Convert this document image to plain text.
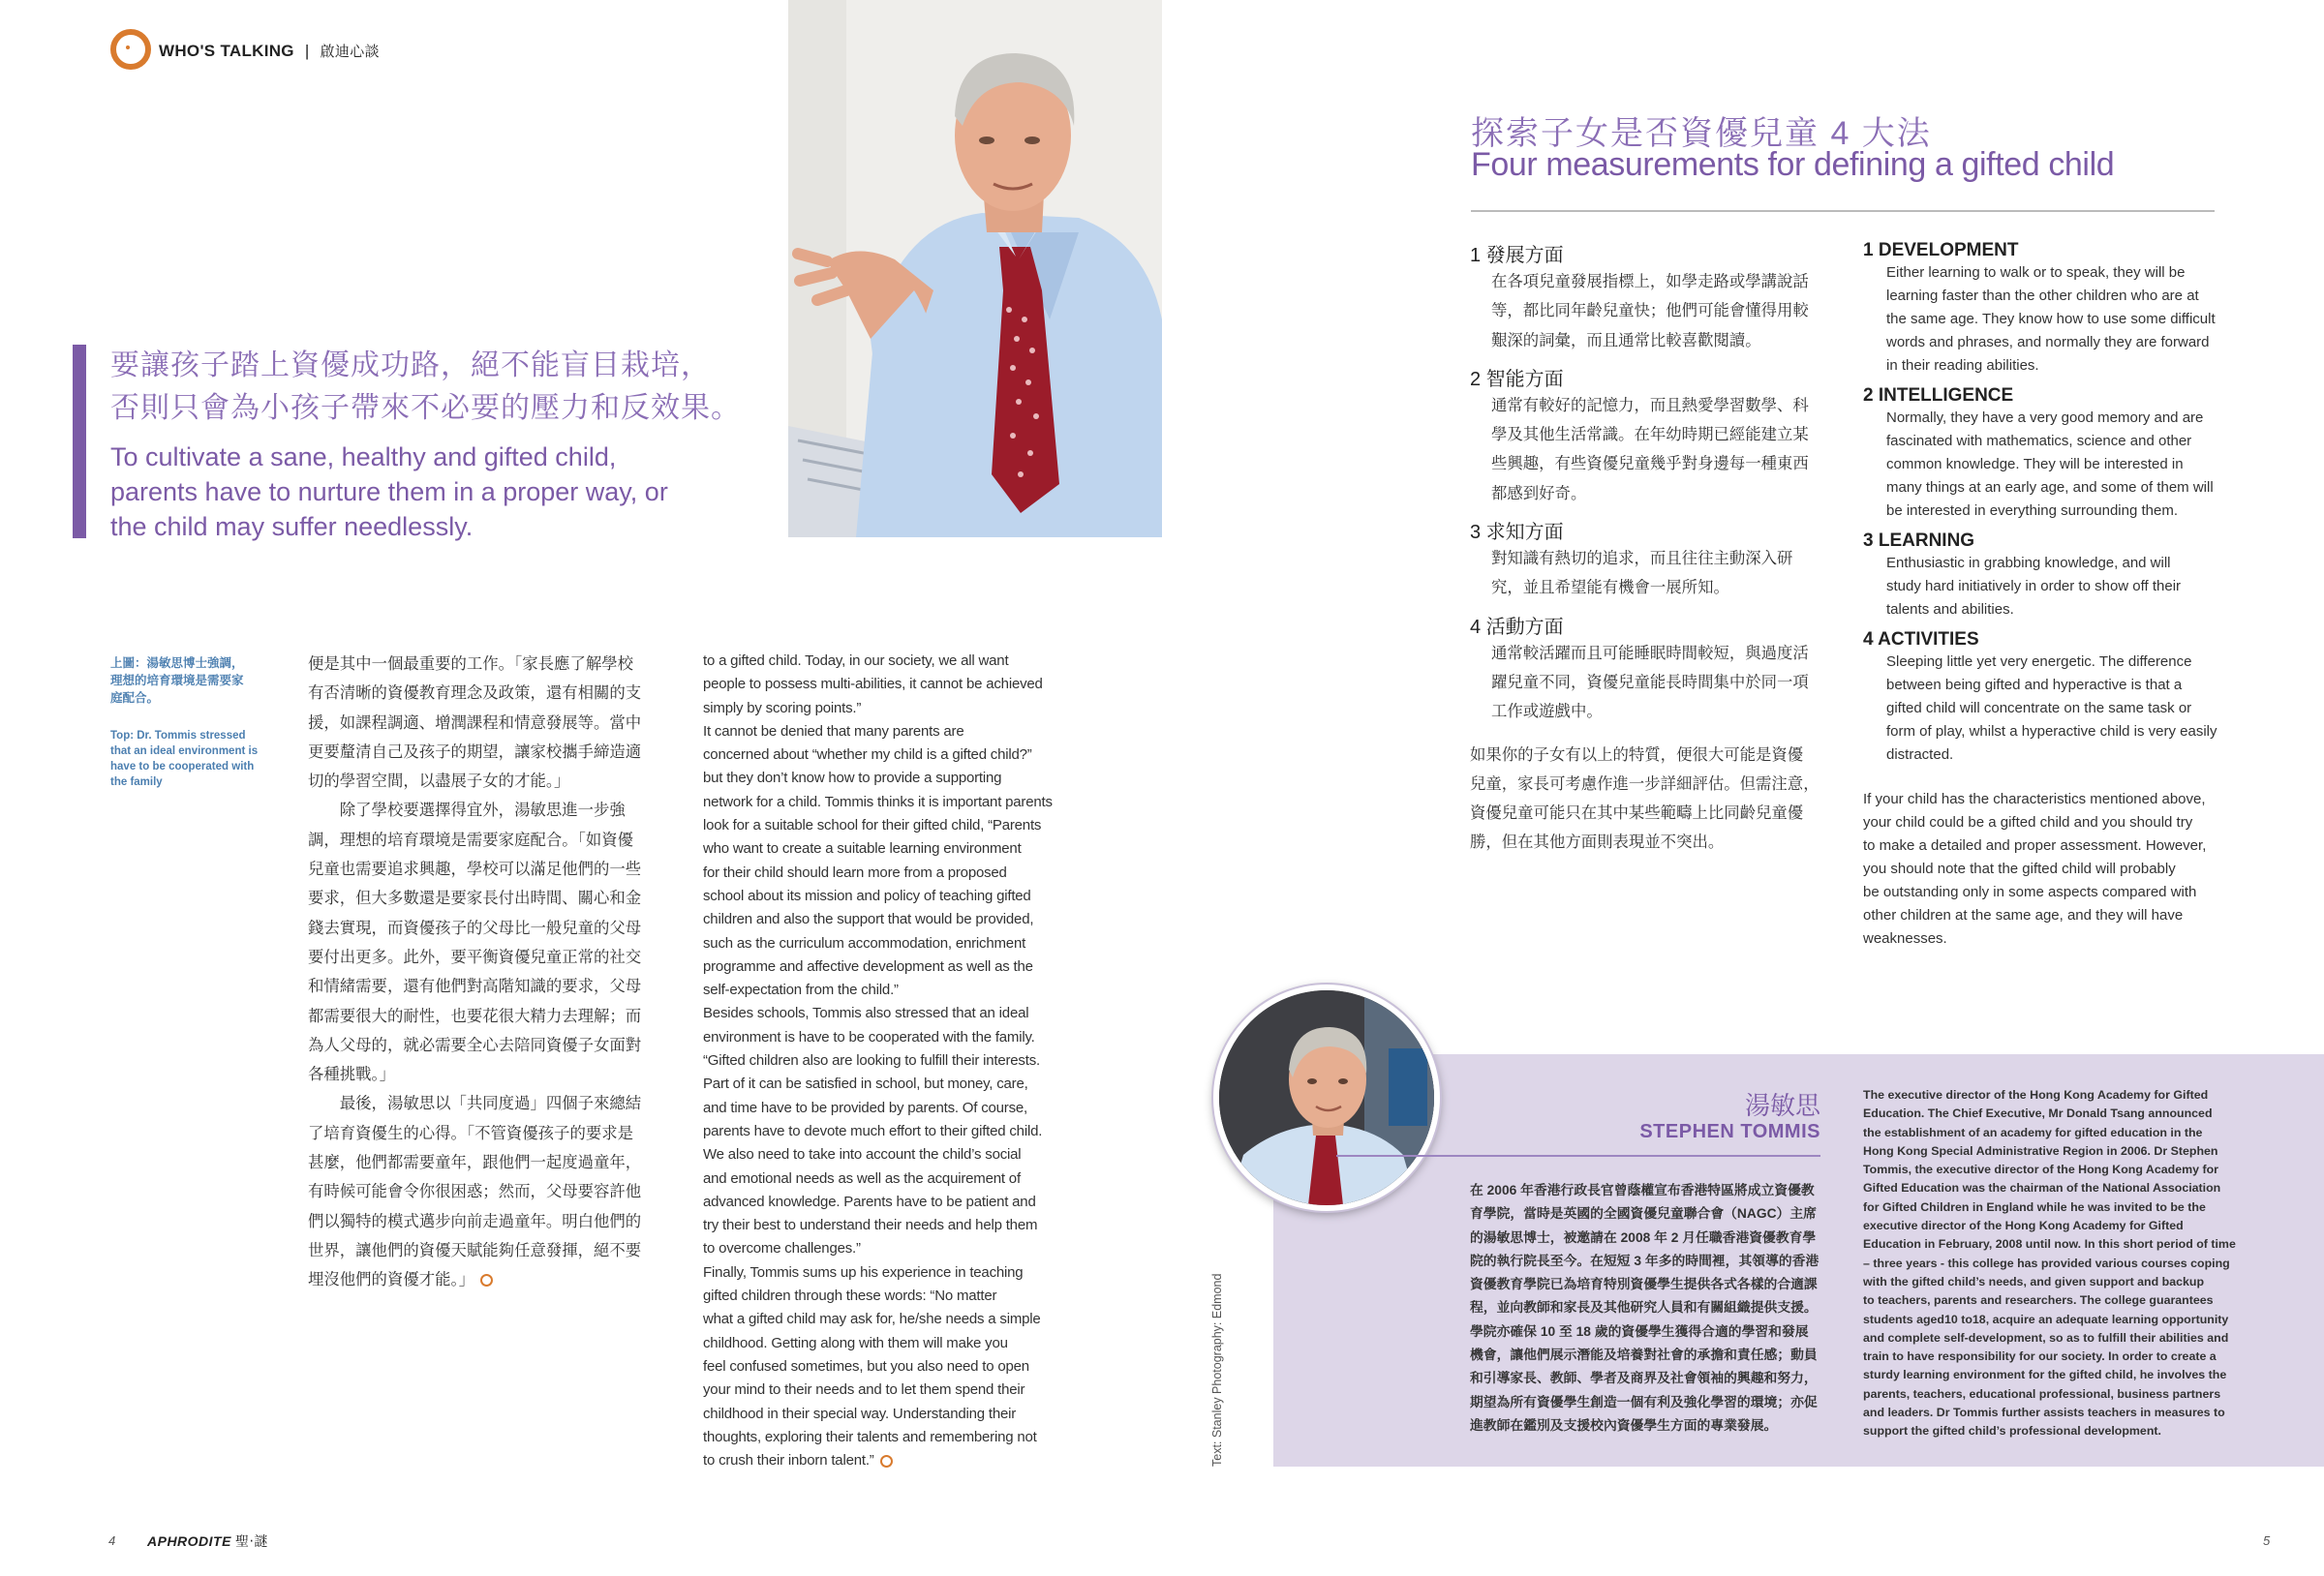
WHO'S TALKING | 啟迪心談
要讓孩子踏上資優成功路，絕不能盲目栽培，
否則只會為小孩子帶來不必要的壓力和反效果。
To cultivate a sane, healthy and gifted child,
parents have to nurture them in a proper way, or
the child may suffer needlessly.
上圖：湯敏思博士強調，
理想的培育環境是需要家
庭配合。
Top: Dr. Tommis stressed
that an ideal environment is
have to be cooperated with
the family
便是其中一個最重要的工作。「家長應了解學校
有否清晰的資優教育理念及政策，還有相關的支
援，如課程調適、增潤課程和情意發展等。當中
更要釐清自己及孩子的期望，讓家校攜手締造適
切的學習空間，以盡展子女的才能。」
　　除了學校要選擇得宜外，湯敏思進一步強
調，理想的培育環境是需要家庭配合。「如資優
兒童也需要追求興趣，學校可以滿足他們的一些
要求，但大多數還是要家長付出時間、關心和金
錢去實現，而資優孩子的父母比一般兒童的父母
要付出更多。此外，要平衡資優兒童正常的社交
和情緒需要，還有他們對高階知識的要求，父母
都需要很大的耐性，也要花很大精力去理解；而
為人父母的，就必需要全心去陪同資優子女面對
各種挑戰。」
　　最後，湯敏思以「共同度過」四個子來總結
了培育資優生的心得。「不管資優孩子的要求是
甚麼，他們都需要童年，跟他們一起度過童年，
有時候可能會令你很困惑；然而，父母要容許他
們以獨特的模式邁步向前走過童年。明白他們的
世界，讓他們的資優天賦能夠任意發揮，絕不要
埋沒他們的資優才能。」
to a gifted child. Today, in our society, we all want
people to possess multi-abilities, it cannot be achieved
simply by scoring points.”
It cannot be denied that many parents are
concerned about “whether my child is a gifted child?”
but they don’t know how to provide a supporting
network for a child. Tommis thinks it is important parents
look for a suitable school for their gifted child, “Parents
who want to create a suitable learning environment
for their child should learn more from a proposed
school about its mission and policy of teaching gifted
children and also the support that would be provided,
such as the curriculum accommodation, enrichment
programme and affective development as well as the
self-expectation from the child.”
Besides schools, Tommis also stressed that an ideal
environment is have to be cooperated with the family.
“Gifted children also are looking to fulfill their interests.
Part of it can be satisfied in school, but money, care,
and time have to be provided by parents. Of course,
parents have to devote much effort to their gifted child.
We also need to take into account the child’s social
and emotional needs as well as the acquirement of
advanced knowledge. Parents have to be patient and
try their best to understand their needs and help them
to overcome challenges.”
Finally, Tommis sums up his experience in teaching
gifted children through these words: “No matter
what a gifted child may ask for, he/she needs a simple
childhood. Getting along with them will make you
feel confused sometimes, but you also need to open
your mind to their needs and to let them spend their
childhood in their special way. Understanding their
thoughts, exploring their talents and remembering not
to crush their inborn talent.”
探索子女是否資優兒童 4 大法
Four measurements for defining a gifted child
1 發展方面
在各項兒童發展指標上，如學走路或學講說話
等，都比同年齡兒童快；他們可能會懂得用較
艱深的詞彙，而且通常比較喜歡閱讀。
2 智能方面
通常有較好的記憶力，而且熱愛學習數學、科
學及其他生活常識。在年幼時期已經能建立某
些興趣，有些資優兒童幾乎對身邊每一種東西
都感到好奇。
3 求知方面
對知識有熱切的追求，而且往往主動深入研
究，並且希望能有機會一展所知。
4 活動方面
通常較活躍而且可能睡眠時間較短，與過度活
躍兒童不同，資優兒童能長時間集中於同一項
工作或遊戲中。
如果你的子女有以上的特質，便很大可能是資優
兒童，家長可考慮作進一步詳細評估。但需注意，
資優兒童可能只在其中某些範疇上比同齡兒童優
勝，但在其他方面則表現並不突出。
1 DEVELOPMENT
Either learning to walk or to speak, they will be
learning faster than the other children who are at
the same age. They know how to use some difficult
words and phrases, and normally they are forward
in their reading abilities.
2 INTELLIGENCE
Normally, they have a very good memory and are
fascinated with mathematics, science and other
common knowledge. They will be interested in
many things at an early age, and some of them will
be interested in everything surrounding them.
3 LEARNING
Enthusiastic in grabbing knowledge, and will
study hard initiatively in order to show off their
talents and abilities.
4 ACTIVITIES
Sleeping little yet very energetic. The difference
between being gifted and hyperactive is that a
gifted child will concentrate on the same task or
form of play, whilst a hyperactive child is very easily
distracted.
If your child has the characteristics mentioned above,
your child could be a gifted child and you should try
to make a detailed and proper assessment. However,
you should note that the gifted child will probably
be outstanding only in some aspects compared with
other children at the same age, and they will have
weaknesses.
湯敏思
STEPHEN TOMMIS
在 2006 年香港行政長官曾蔭權宣布香港特區將成立資優教
育學院，當時是英國的全國資優兒童聯合會（NAGC）主席
的湯敏思博士，被邀請在 2008 年 2 月任職香港資優教育學
院的執行院長至今。在短短 3 年多的時間裡，其領導的香港
資優教育學院已為培育特別資優學生提供各式各樣的合適課
程，並向教師和家長及其他研究人員和有關組織提供支援。
學院亦確保 10 至 18 歲的資優學生獲得合適的學習和發展
機會，讓他們展示潛能及培養對社會的承擔和責任感；動員
和引導家長、教師、學者及商界及社會領袖的興趣和努力，
期望為所有資優學生創造一個有利及強化學習的環境；亦促
進教師在鑑別及支援校內資優學生方面的專業發展。
The executive director of the Hong Kong Academy for Gifted
Education. The Chief Executive, Mr Donald Tsang announced
the establishment of an academy for gifted education in the
Hong Kong Special Administrative Region in 2006. Dr Stephen
Tommis, the executive director of the Hong Kong Academy for
Gifted Education was the chairman of the National Association
for Gifted Children in England while he was invited to be the
executive director of the Hong Kong Academy for Gifted
Education in February, 2008 until now. In this short period of time
– three years - this college has provided various courses coping
with the gifted child’s needs, and given support and backup
to teachers, parents and researchers. The college guarantees
students aged10 to18, acquire an adequate learning opportunity
and complete self-development, so as to fulfill their abilities and
train to have responsibility for our society. In order to create a
sturdy learning environment for the gifted child, he involves the
parents, teachers, educational professional, business partners
and leaders. Dr Tommis further assists teachers in measures to
support the gifted child’s professional development.
Text: Stanley Photography: Edmond
4 APHRODITE 聖‧謎	5
